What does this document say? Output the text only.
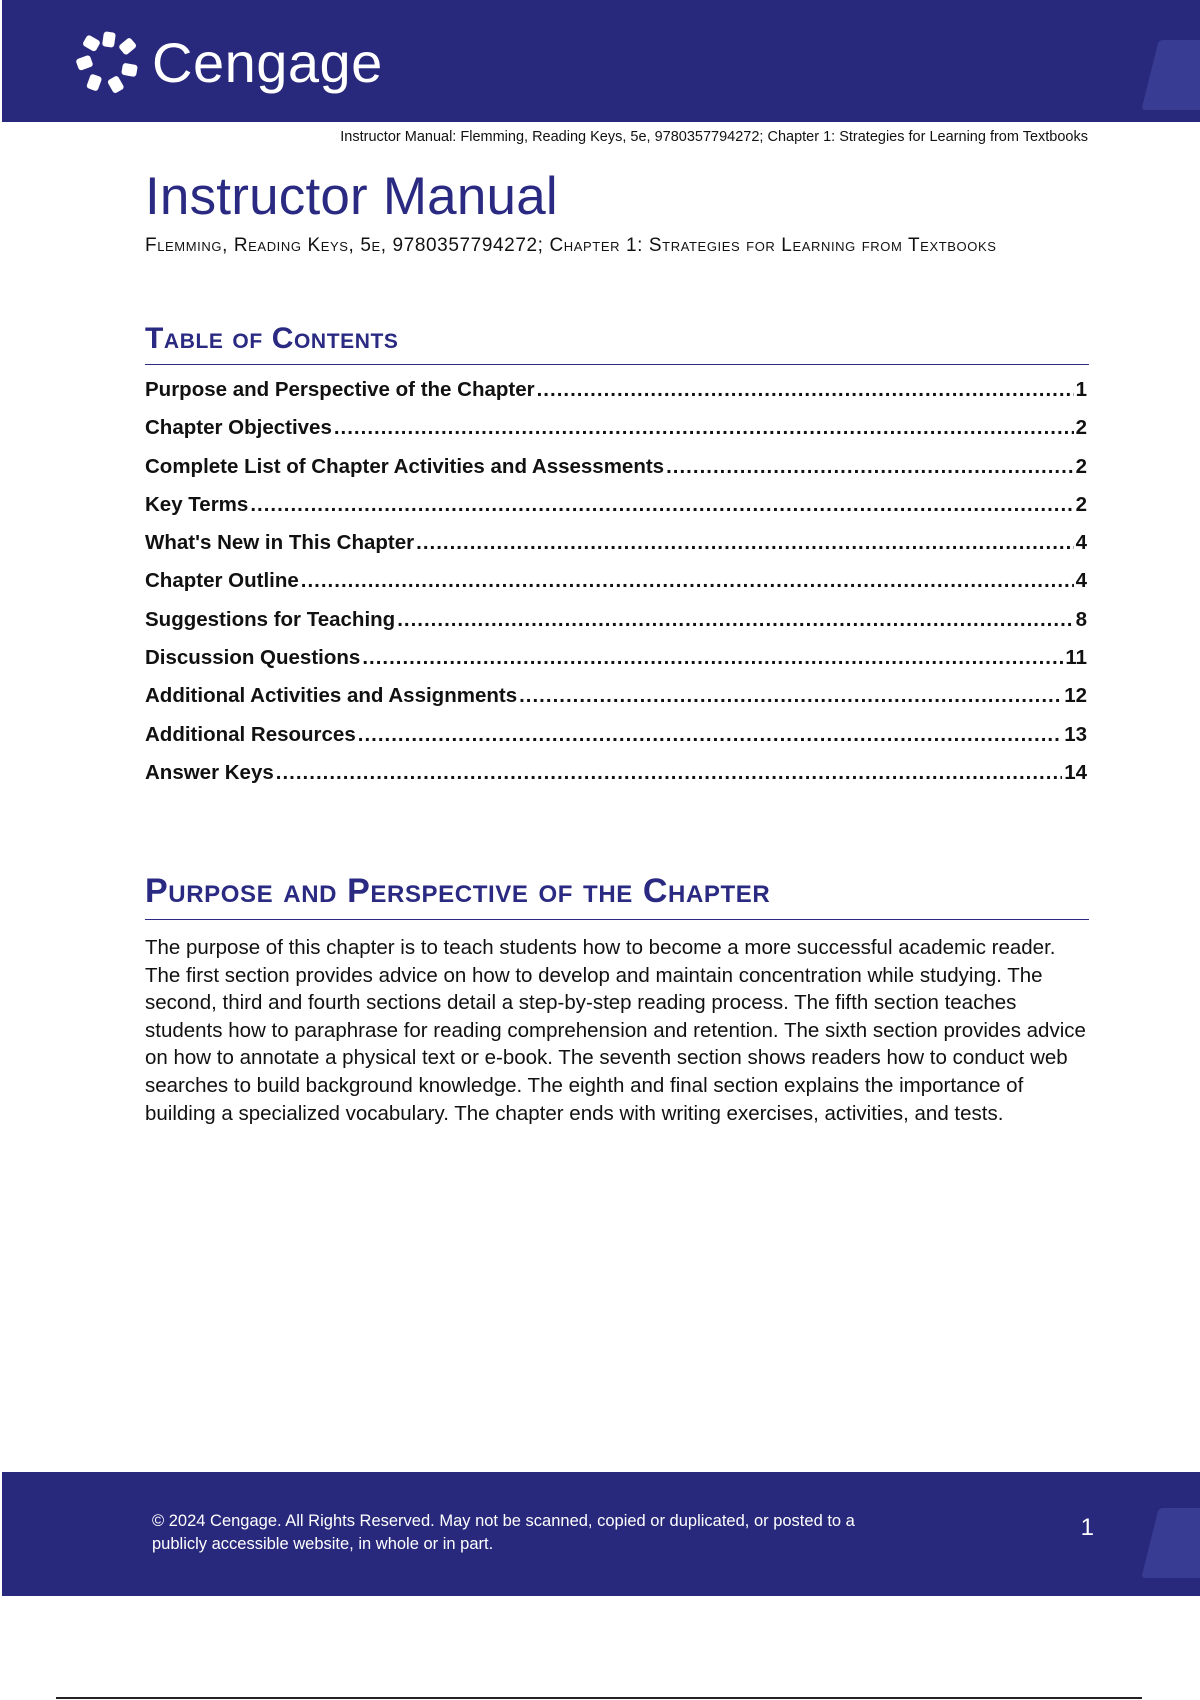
Cengage
Instructor Manual: Flemming, Reading Keys, 5e, 9780357794272; Chapter 1: Strategies for Learning from Textbooks
Instructor Manual

Flemming, Reading Keys, 5e, 9780357794272; Chapter 1: Strategies for Learning from Textbooks

Table of Contents
Purpose and Perspective of the Chapter .....	1
Chapter Objectives .....	2
Complete List of Chapter Activities and Assessments .....	2
Key Terms .....	2
What's New in This Chapter .....	4
Chapter Outline .....	4
Suggestions for Teaching .....	8
Discussion Questions .....	11
Additional Activities and Assignments .....	12
Additional Resources .....	13
Answer Keys .....	14
Purpose and Perspective of the Chapter

The purpose of this chapter is to teach students how to become a more successful academic reader. The first section provides advice on how to develop and maintain concentration while studying. The second, third and fourth sections detail a step-by-step reading process. The fifth section teaches students how to paraphrase for reading comprehension and retention. The sixth section provides advice on how to annotate a physical text or e-book. The seventh section shows readers how to conduct web searches to build background knowledge. The eighth and final section explains the importance of building a specialized vocabulary. The chapter ends with writing exercises, activities, and tests.

© 2024 Cengage. All Rights Reserved. May not be scanned, copied or duplicated, or posted to a publicly accessible website, in whole or in part.

1
